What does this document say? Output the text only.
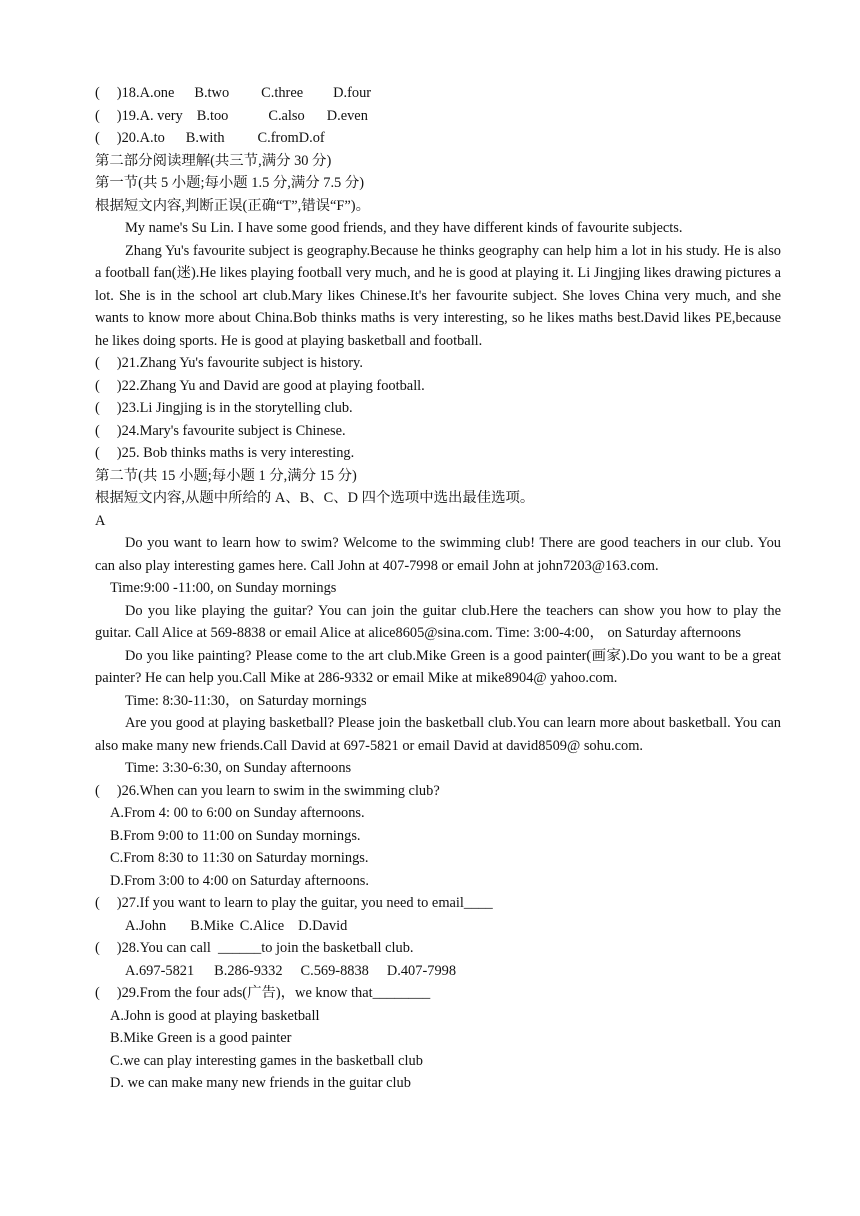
( )18.A.one B.two C.three D.four
( )19.A. very B.too	C.also D.even
( )20.A.to B.with C.fromD.of
第二部分阅读理解(共三节,满分 30 分)
第一节(共 5 小题;每小题 1.5 分,满分 7.5 分)
根据短文内容,判断正误(正确“T”,错误“F”)。
My name's Su Lin. I have some good friends, and they have different kinds of favourite subjects.
Zhang Yu's favourite subject is geography.Because he thinks geography can help him a lot in his study. He is also a football fan(迷).He likes playing football very much, and he is good at playing it. Li Jingjing likes drawing pictures a lot. She is in the school art club.Mary likes Chinese.It's her favourite subject. She loves China very much, and she wants to know more about China.Bob thinks maths is very interesting, so he likes maths best.David likes PE,because he likes doing sports. He is good at playing basketball and football.
( )21.Zhang Yu's favourite subject is history.
( )22.Zhang Yu and David are good at playing football.
( )23.Li Jingjing is in the storytelling club.
( )24.Mary's favourite subject is Chinese.
( )25. Bob thinks maths is very interesting.
第二节(共 15 小题;每小题 1 分,满分 15 分)
根据短文内容,从题中所给的 A、B、C、D 四个选项中选出最佳选项。
A
Do you want to learn how to swim? Welcome to the swimming club! There are good teachers in our club. You can also play interesting games here. Call John at 407-7998 or email John at john7203@163.com.
Time:9:00 -11:00, on Sunday mornings
Do you like playing the guitar? You can join the guitar club.Here the teachers can show you how to play the guitar. Call Alice at 569-8838 or email Alice at alice8605@sina.com. Time: 3:00-4:00， on Saturday afternoons
Do you like painting? Please come to the art club.Mike Green is a good painter(画家).Do you want to be a great painter? He can help you.Call Mike at 286-9332 or email Mike at mike8904@ yahoo.com.
Time: 8:30-11:30，on Saturday mornings
Are you good at playing basketball? Please join the basketball club.You can learn more about basketball. You can also make many new friends.Call David at 697-5821 or email David at david8509@ sohu.com.
Time: 3:30-6:30, on Sunday afternoons
( )26.When can you learn to swim in the swimming club?
A.From 4: 00 to 6:00 on Sunday afternoons.
B.From 9:00 to 11:00 on Sunday mornings.
C.From 8:30 to 11:30 on Saturday mornings.
D.From 3:00 to 4:00 on Saturday afternoons.
( )27.If you want to learn to play the guitar, you need to email____
A.John B.Mike C.Alice D.David
( )28.You can call  ______to join the basketball club.
A.697-5821 B.286-9332 C.569-8838 D.407-7998
( )29.From the four ads(广告)，we know that________
A.John is good at playing basketball
B.Mike Green is a good painter
C.we can play interesting games in the basketball club
D. we can make many new friends in the guitar club
